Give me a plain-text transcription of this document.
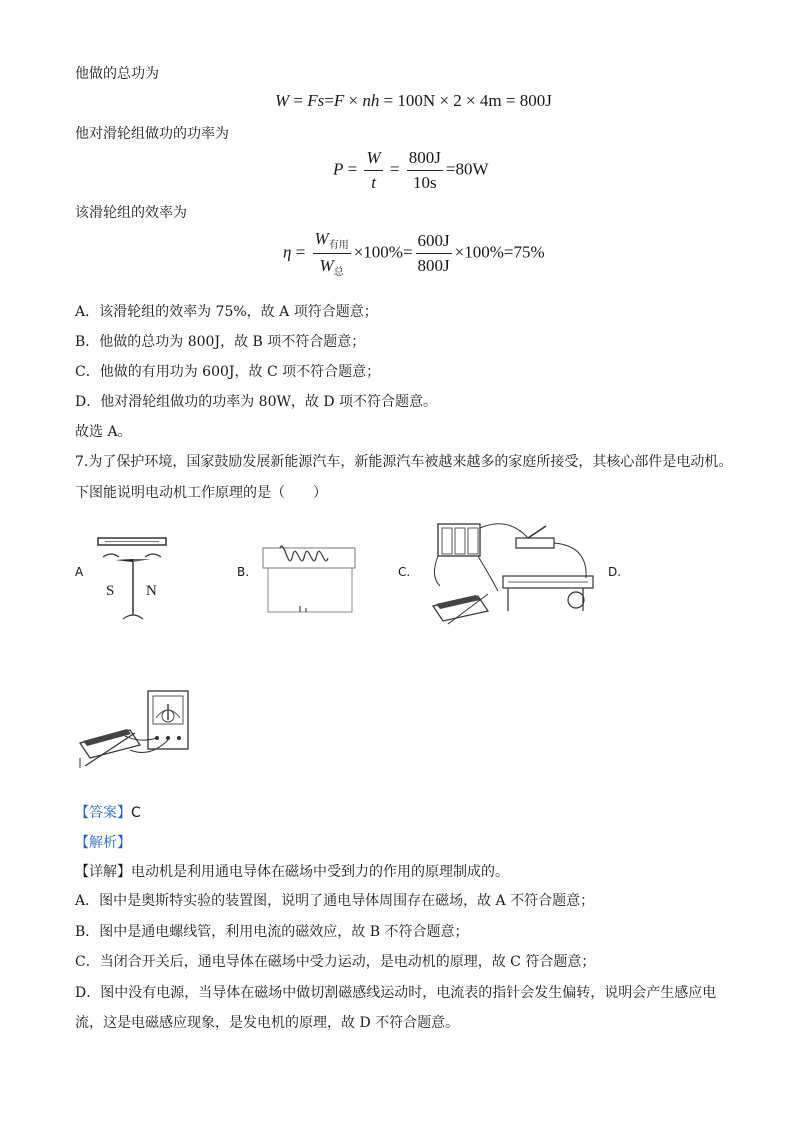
他做的总功为
W = Fs=F × nh = 100N × 2 × 4m = 800J
他对滑轮组做功的功率为
$P = \frac{W}{t} = \frac{800J}{10s} =80W$
该滑轮组的效率为
$\eta = \frac{W_{有用}}{W_总} \times 100\%= \frac{600J}{800J} \times 100\%=75\%$
A．该滑轮组的效率为 75%，故 A 项符合题意；
B．他做的总功为 800J，故 B 项不符合题意；
C．他做的有用功为 600J，故 C 项不符合题意；
D．他对滑轮组做功的功率为 80W，故 D 项不符合题意。
故选 A。
7.为了保护环境，国家鼓励发展新能源汽车，新能源汽车被越来越多的家庭所接受，其核心部件是电动机。
下图能说明电动机工作原理的是（　　）
A	B.	C.	D.
S N
【答案】C
【解析】
【详解】电动机是利用通电导体在磁场中受到力的作用的原理制成的。
A．图中是奥斯特实验的装置图，说明了通电导体周围存在磁场，故 A 不符合题意；
B．图中是通电螺线管，利用电流的磁效应，故 B 不符合题意；
C．当闭合开关后，通电导体在磁场中受力运动，是电动机的原理，故 C 符合题意；
D．图中没有电源，当导体在磁场中做切割磁感线运动时，电流表的指针会发生偏转，说明会产生感应电
流，这是电磁感应现象，是发电机的原理，故 D 不符合题意。
